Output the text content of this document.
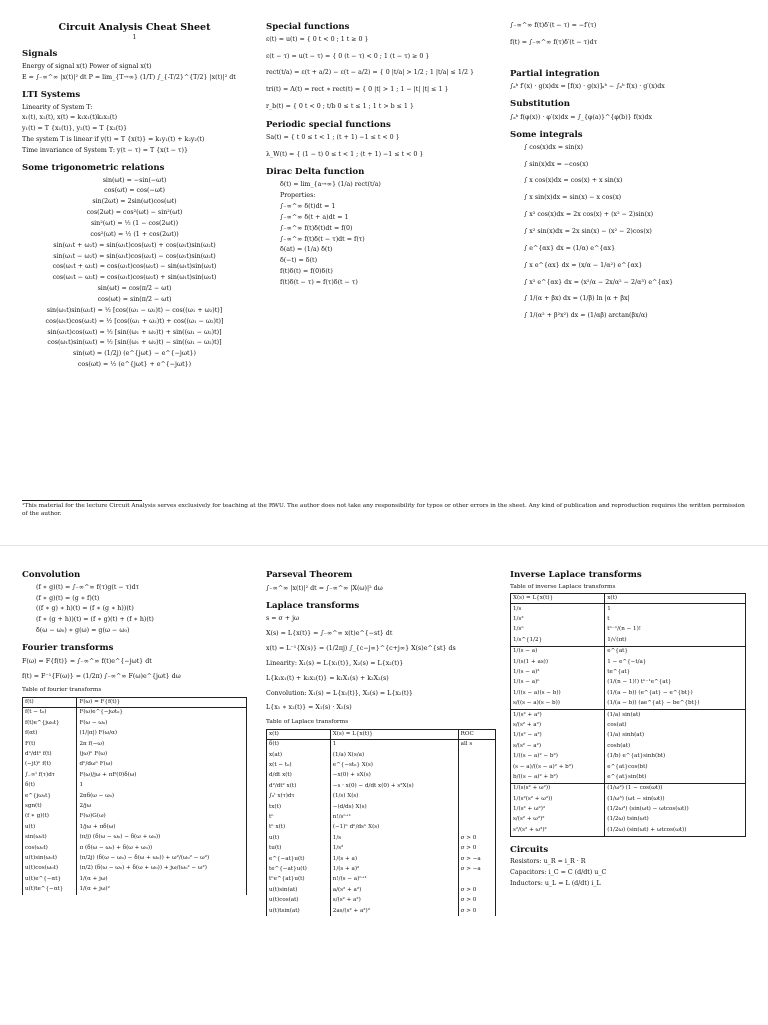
Circuit Analysis Cheat Sheet
1
Signals
Energy of signal x(t) Power of signal x(t)
E = ∫₋∞^∞ |x(t)|² dt P = lim_{T→∞} (1/T) ∫_{-T/2}^{T/2} |x(t)|² dt
LTI Systems
Linearity of System T:
x₁(t), x₂(t), x(t) = k₁x₁(t)k₂x₂(t)
y₁(t) = T {x₁(t)}, y₂(t) = T {x₂(t)}
The system T is linear if y(t) = T {x(t)} = k₁y₁(t) + k₂y₂(t)
Time invariance of System T: y(t − τ) = T {x(t − τ)}
Some trigonometric relations
sin(ωt) = −sin(−ωt)
cos(ωt) = cos(−ωt)
sin(2ωt) = 2sin(ωt)cos(ωt)
cos(2ωt) = cos²(ωt) − sin²(ωt)
sin²(ωt) = ½ (1 − cos(2ωt))
cos²(ωt) = ½ (1 + cos(2ωt))
sin(ω₁t + ω₂t) = sin(ω₁t)cos(ω₂t) + cos(ω₁t)sin(ω₂t)
sin(ω₁t − ω₂t) = sin(ω₁t)cos(ω₂t) − cos(ω₁t)sin(ω₂t)
cos(ω₁t + ω₂t) = cos(ω₁t)cos(ω₂t) − sin(ω₁t)sin(ω₂t)
cos(ω₁t − ω₂t) = cos(ω₁t)cos(ω₂t) + sin(ω₁t)sin(ω₂t)
sin(ωt) = cos(π/2 − ωt)
cos(ωt) = sin(π/2 − ωt)
sin(ω₁t)sin(ω₂t) = ½ [cos((ω₁ − ω₂)t) − cos((ω₁ + ω₂)t)]
cos(ω₁t)cos(ω₂t) = ½ [cos((ω₁ + ω₂)t) + cos((ω₁ − ω₂)t)]
sin(ω₁t)cos(ω₂t) = ½ [sin((ω₁ + ω₂)t) + sin((ω₁ − ω₂)t)]
cos(ω₁t)sin(ω₂t) = ½ [sin((ω₁ + ω₂)t) − sin((ω₁ − ω₂)t)]
sin(ωt) = (1/2j) (e^{jωt} − e^{−jωt})
cos(ωt) = ½ (e^{jωt} + e^{−jωt})
Special functions
ε(t) = u(t) = { 0 t < 0 ; 1 t ≥ 0 }
ε(t − τ) = u(t − τ) = { 0 (t − τ) < 0 ; 1 (t − τ) ≥ 0 }
rect(t/a) = ε(t + a/2) − ε(t − a/2) = { 0 |t/a| > 1/2 ; 1 |t/a| ≤ 1/2 }
tri(t) = Λ(t) = rect ∗ rect(t) = { 0 |t| > 1 ; 1 − |t| |t| ≤ 1 }
r_b(t) = { 0 t < 0 ; t/b 0 ≤ t ≤ 1 ; 1 t > b ≤ 1 }
Periodic special functions
Sa(t) = { t 0 ≤ t < 1 ; (t + 1) −1 ≤ t < 0 }
λ_W(t) = { (1 − t) 0 ≤ t < 1 ; (t + 1) −1 ≤ t < 0 }
Dirac Delta function
δ(t) = lim_{a→∞} (1/a) rect(t/a)
Properties:
∫₋∞^∞ δ(t)dt = 1
∫₋∞^∞ δ(t + a)dt = 1
∫₋∞^∞ f(t)δ(t)dt = f(0)
∫₋∞^∞ f(t)δ(t − τ)dt = f(τ)
δ(at) = (1/a) δ(t)
δ(−t) = δ(t)
f(t)δ(t) = f(0)δ(t)
f(t)δ(t − τ) = f(τ)δ(t − τ)
∫₋∞^∞ f(t)δ′(t − τ) = −f′(τ)
f(t) = ∫₋∞^∞ f(τ)δ′(t − τ)dτ
Partial integration
∫ₐᵇ f′(x) · g(x)dx = [f(x) · g(x)]ₐᵇ − ∫ₐᵇ f(x) · g′(x)dx
Substitution
∫ₐᵇ f(φ(x)) · φ′(x)dx = ∫_{φ(a)}^{φ(b)} f(x)dx
Some integrals
∫ cos(x)dx = sin(x)
∫ sin(x)dx = −cos(x)
∫ x cos(x)dx = cos(x) + x sin(x)
∫ x sin(x)dx = sin(x) − x cos(x)
∫ x² cos(x)dx = 2x cos(x) + (x² − 2)sin(x)
∫ x² sin(x)dx = 2x sin(x) − (x² − 2)cos(x)
∫ e^{αx} dx = (1/α) e^{αx}
∫ x e^{αx} dx = (x/α − 1/α²) e^{αx}
∫ x² e^{αx} dx = (x²/α − 2x/α² − 2/α³) e^{αx}
∫ 1/(α + βx) dx = (1/β) ln |α + βx|
∫ 1/(α² + β²x²) dx = (1/αβ) arctan(βx/α)
¹This material for the lecture Circuit Analysis serves exclusively for teaching at the RWU. The author does not take any responsibility for typos or other errors in the sheet. Any kind of publication and reproduction requires the written permission of the author.
Convolution
(f ∗ g)(t) = ∫₋∞^∞ f(τ)g(t − τ)dτ
(f ∗ g)(t) = (g ∗ f)(t)
((f ∗ g) ∗ h)(t) = (f ∗ (g ∗ h))(t)
(f ∗ (g + h))(t) = (f ∗ g)(t) + (f ∗ h)(t)
δ(ω − ω₀) ∗ g(ω) = g(ω − ω₀)
Fourier transforms
F(ω) = F{f(t)} = ∫₋∞^∞ f(t)e^{−jωt} dt
f(t) = F⁻¹{F(ω)} = (1/2π) ∫₋∞^∞ F(ω)e^{jωt} dω
Table of fourier transforms
f(t)	F(ω) = F{f(t)}
f(t − t₀)	F(ω)e^{−jωt₀}
f(t)e^{jω₀t}	F(ω − ω₀)
f(αt)	(1/|α|) F(ω/α)
F(t)	2π f(−ω)
dⁿ/dtⁿ f(t)	(jω)ⁿ F(ω)
(−jt)ⁿ f(t)	dⁿ/dωⁿ F(ω)
∫₋∞ᵗ f(τ)dτ	F(ω)/jω + πF(0)δ(ω)
δ(t)	1
e^{jω₀t}	2πδ(ω − ω₀)
sgn(t)	2/jω
(f ∗ g)(t)	F(ω)G(ω)
u(t)	1/jω + πδ(ω)
sin(ω₀t)	(π/j) (δ(ω − ω₀) − δ(ω + ω₀))
cos(ω₀t)	π (δ(ω − ω₀) + δ(ω + ω₀))
u(t)sin(ω₀t)	(π/2j) (δ(ω − ω₀) − δ(ω + ω₀)) + ω²/(ω₀² − ω²)
u(t)cos(ω₀t)	(π/2) (δ(ω − ω₀) + δ(ω + ω₀)) + jω/(ω₀² − ω²)
u(t)e^{−αt}	1/(α + jω)
u(t)te^{−αt}	1/(α + jω)²
Parseval Theorem
∫₋∞^∞ |x(t)|² dt = ∫₋∞^∞ |X(ω)|² dω
Laplace transforms
s = σ + jω
X(s) = L{x(t)} = ∫₋∞^∞ x(t)e^{−st} dt
x(t) = L⁻¹{X(s)} = (1/2πj) ∫_{c−j∞}^{c+j∞} X(s)e^{st} ds
Linearity: X₁(s) = L{x₁(t)}, X₂(s) = L{x₂(t)}
L{k₁x₁(t) + k₂x₂(t)} = k₁X₁(s) + k₂X₂(s)
Convolution: X₁(s) = L{x₁(t)}, X₂(s) = L{x₂(t)}
L{x₁ ∗ x₂(t)} = X₁(s) · X₂(s)
Table of Laplace transforms
x(t)	X(s) = L{x(t)}	ROC
δ(t)	1	all s
x(at)	(1/a) X(s/a)	
x(t − t₀)	e^{−st₀} X(s)	
d/dt x(t)	−x(0) + sX(s)	
d²/dt² x(t)	−s · x(0) − d/dt x(0) + s²X(s)	
∫₀ᵗ x(τ)dτ	(1/s) X(s)	
tx(t)	−(d/ds) X(s)	
tⁿ	n!/sⁿ⁺¹	
tⁿ x(t)	(−1)ⁿ dⁿ/dsⁿ X(s)	
u(t)	1/s	σ > 0
tu(t)	1/s²	σ > 0
e^{−at}u(t)	1/(s + a)	σ > −a
te^{−at}u(t)	1/(s + a)²	σ > −a
tⁿe^{at}u(t)	n!/(s − a)ⁿ⁺¹	
u(t)sin(at)	a/(s² + a²)	σ > 0
u(t)cos(at)	s/(s² + a²)	σ > 0
u(t)tsin(at)	2as/(s² + a²)²	σ > 0
Inverse Laplace transforms
Table of inverse Laplace transforms
X(s) = L{x(t)}	x(t)
1/s	1
1/s²	t
1/sⁿ	tⁿ⁻¹/(n − 1)!
1/s^{1/2}	1/√(πt)
1/(s − a)	e^{at}
1/(s(1 + as))	1 − e^{−t/a}
1/(s − a)²	te^{at}
1/(s − a)ⁿ	(1/(n − 1)!) tⁿ⁻¹e^{at}
1/((s − a)(s − b))	(1/(a − b)) (e^{at} − e^{bt})
s/((s − a)(s − b))	(1/(a − b)) (ae^{at} − be^{bt})
1/(s² + a²)	(1/a) sin(at)
s/(s² + a²)	cos(at)
1/(s² − a²)	(1/a) sinh(at)
s/(s² − a²)	cosh(at)
1/((s − a)² − b²)	(1/b) e^{at}sinh(bt)
(s − a)/((s − a)² + b²)	e^{at}cos(bt)
b/((s − a)² + b²)	e^{at}sin(bt)
1/(s(s² + ω²))	(1/ω²) (1 − cos(ωt))
1/(s²(s² + ω²))	(1/ω³) (ωt − sin(ωt))
1/(s² + ω²)²	(1/2ω³) (sin(ωt) − ωtcos(ωt))
s/(s² + ω²)²	(1/2ω) tsin(ωt)
s²/(s² + ω²)²	(1/2ω) (sin(ωt) + ωtcos(ωt))
Circuits
Resistors: u_R = i_R · R
Capacitors: i_C = C (d/dt) u_C
Inductors: u_L = L (d/dt) i_L
